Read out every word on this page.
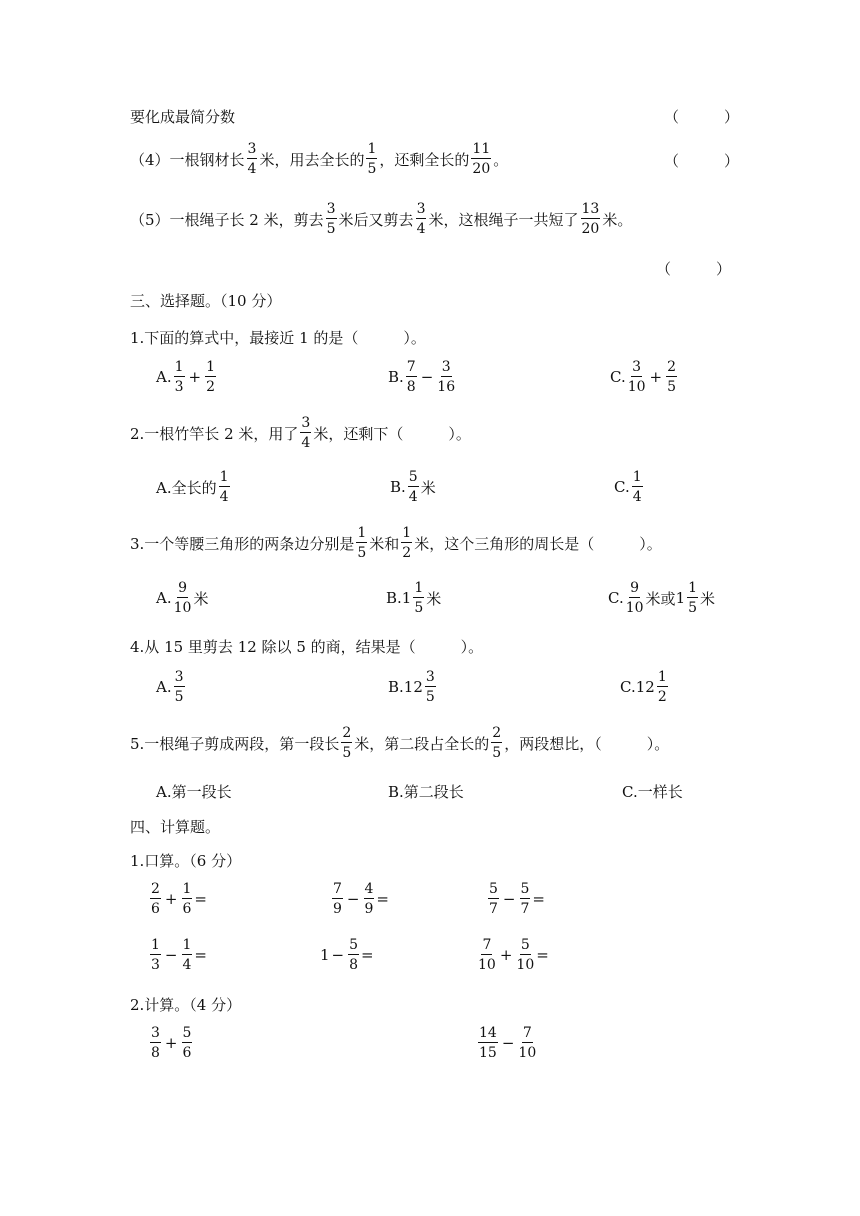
要化成最简分数	（　　　）
（4）一根钢材长 $\frac{3}{4}$ 米，用去全长的 $\frac{1}{5}$ ，还剩全长的 $\frac{11}{20}$ 。	（　　　）
（5）一根绳子长 2 米，剪去 $\frac{3}{5}$ 米后又剪去 $\frac{3}{4}$ 米，这根绳子一共短了 $\frac{13}{20}$ 米。
（　　　）
三、选择题。（10 分）
1.下面的算式中，最接近 1 的是（　　　）。
A. $\frac{1}{3} + \frac{1}{2}$	B. $\frac{7}{8} - \frac{3}{16}$	C. $\frac{3}{10} + \frac{2}{5}$
2.一根竹竿长 2 米，用了 $\frac{3}{4}$ 米，还剩下（　　　）。
A.全长的 $\frac{1}{4}$	B. $\frac{5}{4}$ 米	C. $\frac{1}{4}$
3.一个等腰三角形的两条边分别是 $\frac{1}{5}$ 米和 $\frac{1}{2}$ 米，这个三角形的周长是（　　　）。
A. $\frac{9}{10}$ 米	B. $1 \frac{1}{5}$ 米	C. $\frac{9}{10}$ 米或 $1 \frac{1}{5}$ 米
4.从 15 里剪去 12 除以 5 的商，结果是（　　　）。
A. $\frac{3}{5}$	B. $12 \frac{3}{5}$	C. $12 \frac{1}{2}$
5.一根绳子剪成两段，第一段长 $\frac{2}{5}$ 米，第二段占全长的 $\frac{2}{5}$ ，两段想比，（　　　）。
A.第一段长	B.第二段长	C.一样长
四、计算题。
1.口算。（6 分）
$\frac{2}{6} + \frac{1}{6}$ =	$\frac{7}{9} - \frac{4}{9}$ =	$\frac{5}{7} - \frac{5}{7}$ =
$\frac{1}{3} - \frac{1}{4}$ =	$1 - \frac{5}{8}$ =	$\frac{7}{10} + \frac{5}{10}$ =
2.计算。（4 分）
$\frac{3}{8} + \frac{5}{6}$	$\frac{14}{15} - \frac{7}{10}$
